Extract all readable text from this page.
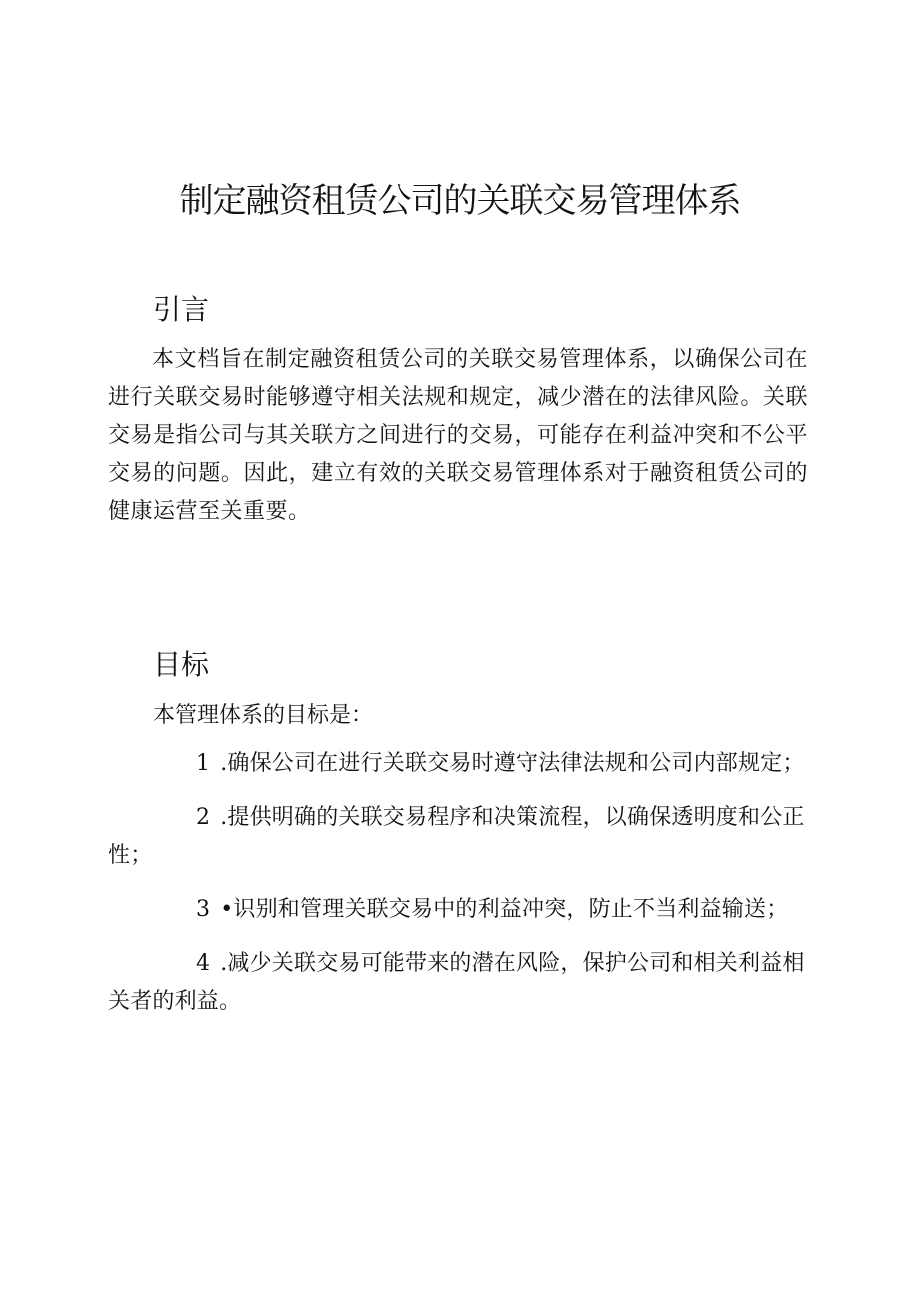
制定融资租赁公司的关联交易管理体系
引言

本文档旨在制定融资租赁公司的关联交易管理体系，以确保公司在进行关联交易时能够遵守相关法规和规定，减少潜在的法律风险。关联交易是指公司与其关联方之间进行的交易，可能存在利益冲突和不公平交易的问题。因此，建立有效的关联交易管理体系对于融资租赁公司的健康运营至关重要。

目标

本管理体系的目标是：

1 .确保公司在进行关联交易时遵守法律法规和公司内部规定；
2 .提供明确的关联交易程序和决策流程，以确保透明度和公正性；
3 •识别和管理关联交易中的利益冲突，防止不当利益输送；
4 .减少关联交易可能带来的潜在风险，保护公司和相关利益相关者的利益。
